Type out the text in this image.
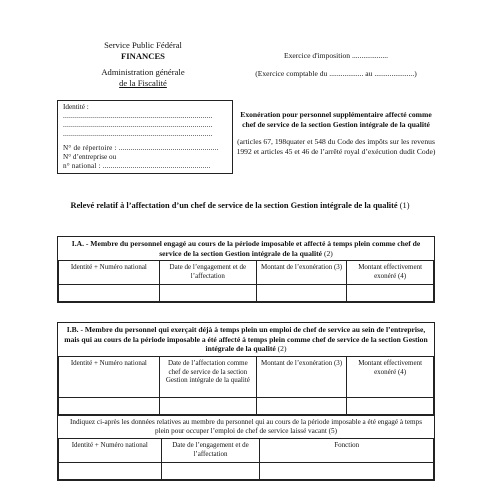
Service Public Fédéral
FINANCES
Administration générale
de la Fiscalité
Exercice d'imposition ...................
(Exercice comptable du .................. au .....................)
Identité :
...........................................................................
...........................................................................
...........................................................................
N° de répertoire : ..................................................
N° d’entreprise ou
n° national : ......................................................
Exonération pour personnel supplémentaire affecté comme chef de service de la section Gestion intégrale de la qualité
(articles 67, 198quater et 548 du Code des impôts sur les revenus 1992 et articles 45 et 46 de l’arrêté royal d’exécution dudit Code)
Relevé relatif à l’affectation d’un chef de service de la section Gestion intégrale de la qualité (1)
I.A. - Membre du personnel engagé au cours de la période imposable et affecté à temps plein comme chef de service de la section Gestion intégrale de la qualité (2)
Identité + Numéro national	Date de l’engagement et de l’affectation	Montant de l’exonération (3)	Montant effectivement exonéré (4)

I.B. - Membre du personnel qui exerçait déjà à temps plein un emploi de chef de service au sein de l’entreprise, mais qui au cours de la période imposable a été affecté à temps plein comme chef de service de la section Gestion intégrale de la qualité (2)
Identité + Numéro national	Date de l’affectation comme chef de service de la section Gestion intégrale de la qualité	Montant de l’exonération (3)	Montant effectivement exonéré (4)

Indiquez ci-après les données relatives au membre du personnel qui au cours de la période imposable a été engagé à temps plein pour occuper l’emploi de chef de service laissé vacant (5)
Identité + Numéro national	Date de l’engagement et de l’affectation	Fonction
